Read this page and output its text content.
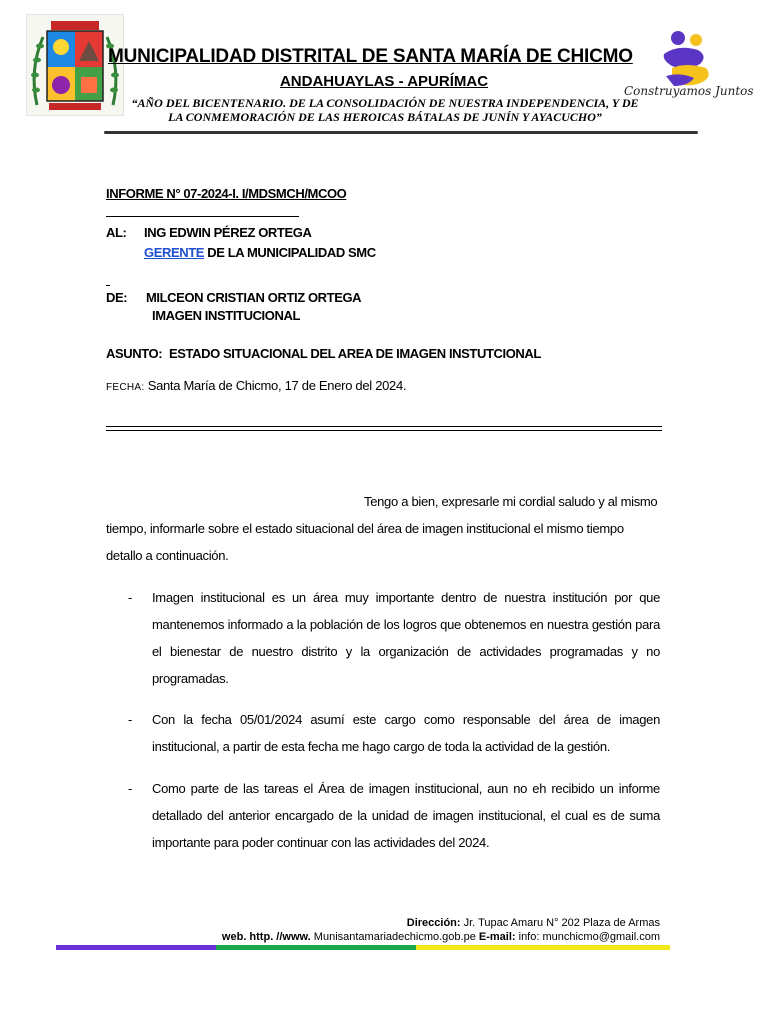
MUNICIPALIDAD DISTRITAL DE SANTA MARÍA DE CHICMO
ANDAHUAYLAS - APURÍMAC
“AÑO DEL BICENTENARIO. DE LA CONSOLIDACIÓN DE NUESTRA INDEPENDENCIA, Y DE
LA CONMEMORACIÓN DE LAS HEROICAS BÁTALAS DE JUNÍN Y AYACUCHO”
Construyamos Juntos
INFORME N° 07-2024-I. I/MDSMCH/MCOO
AL: ING EDWIN PÉREZ ORTEGA
GERENTE DE LA MUNICIPALIDAD SMC
DE: MILCEON CRISTIAN ORTIZ ORTEGA
IMAGEN INSTITUCIONAL
ASUNTO: ESTADO SITUACIONAL DEL AREA DE IMAGEN INSTUTCIONAL
FECHA: Santa María de Chicmo, 17 de Enero del 2024.
Tengo a bien, expresarle mi cordial saludo y al mismo
tiempo, informarle sobre el estado situacional del área de imagen institucional el mismo tiempo
detallo a continuación.
- Imagen institucional es un área muy importante dentro de nuestra institución por que
mantenemos informado a la población de los logros que obtenemos en nuestra gestión para
el bienestar de nuestro distrito y la organización de actividades programadas y no
programadas.
- Con la fecha 05/01/2024 asumí este cargo como responsable del área de imagen
institucional, a partir de esta fecha me hago cargo de toda la actividad de la gestión.
- Como parte de las tareas el Área de imagen institucional, aun no eh recibido un informe
detallado del anterior encargado de la unidad de imagen institucional, el cual es de suma
importante para poder continuar con las actividades del 2024.
Dirección: Jr. Tupac Amaru N° 202 Plaza de Armas
web. http. //www. Munisantamariadechicmo.gob.pe E-mail: info: munchicmo@gmail.com
